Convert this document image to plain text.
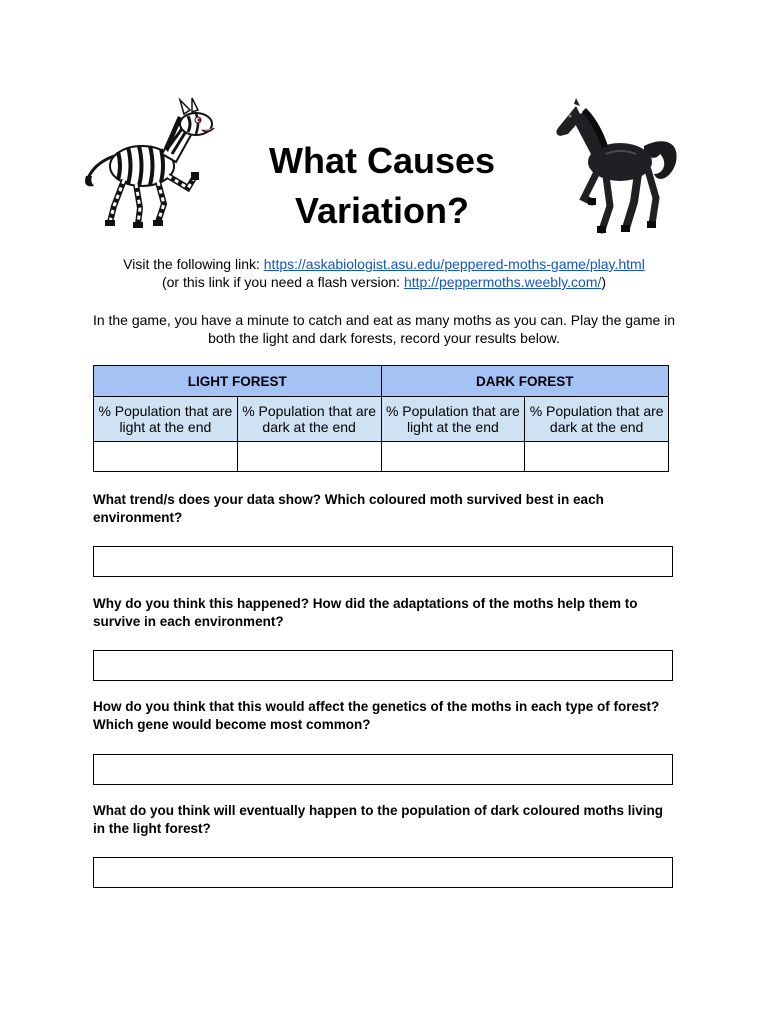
What Causes
Variation?

Visit the following link: https://askabiologist.asu.edu/peppered-moths-game/play.html

(or this link if you need a flash version: http://peppermoths.weebly.com/)

In the game, you have a minute to catch and eat as many moths as you can. Play the game in both the light and dark forests, record your results below.

LIGHT FOREST		DARK FOREST	
% Population that are light at the end	% Population that are dark at the end	% Population that are light at the end	% Population that are dark at the end

What trend/s does your data show? Which coloured moth survived best in each environment?

Why do you think this happened? How did the adaptations of the moths help them to survive in each environment?

How do you think that this would affect the genetics of the moths in each type of forest? Which gene would become most common?

What do you think will eventually happen to the population of dark coloured moths living in the light forest?
